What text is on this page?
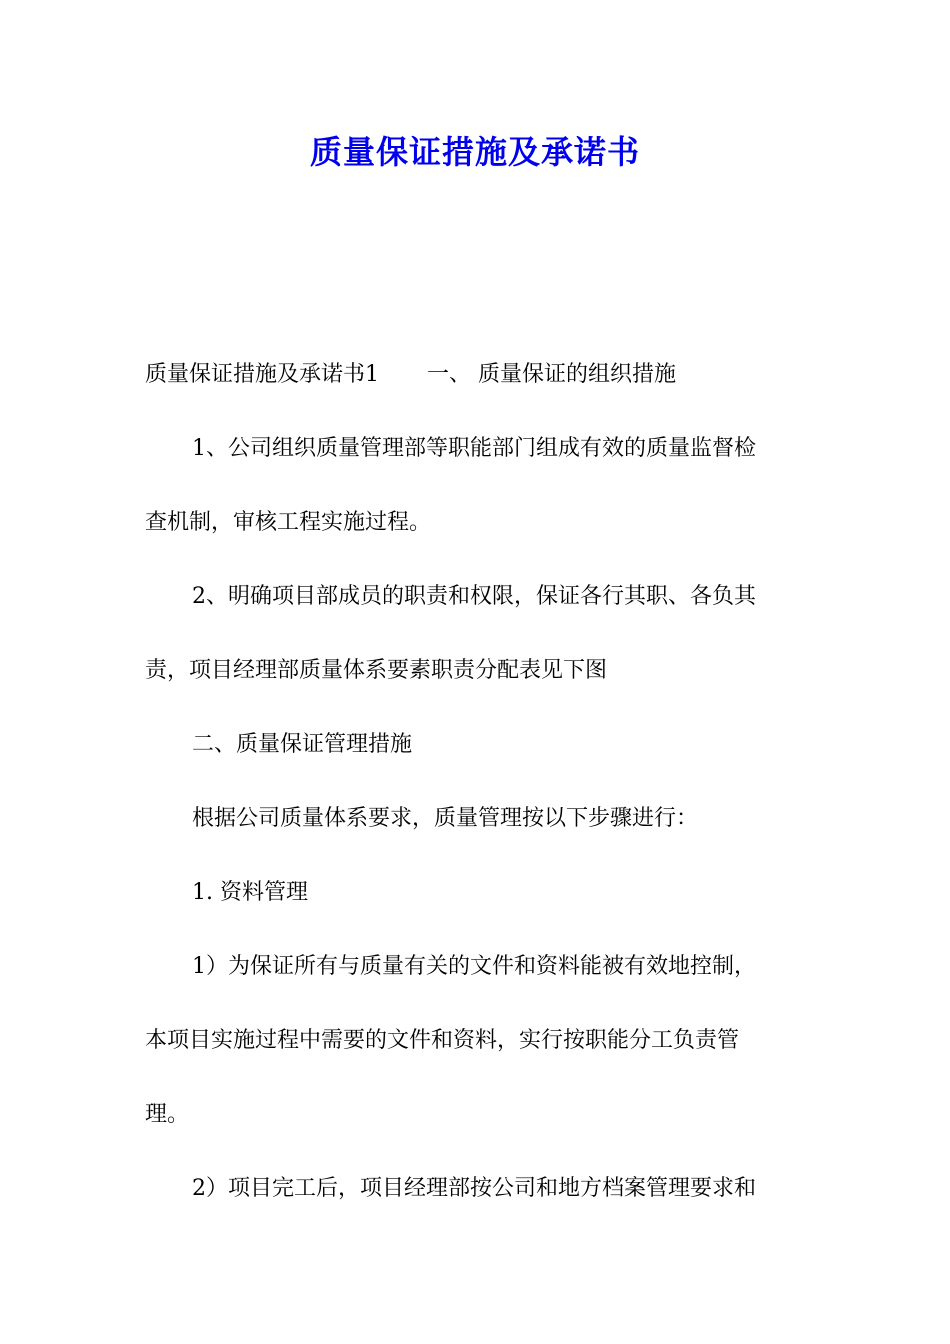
质量保证措施及承诺书
质量保证措施及承诺书1 一、 质量保证的组织措施
1、公司组织质量管理部等职能部门组成有效的质量监督检
查机制，审核工程实施过程。
2、明确项目部成员的职责和权限，保证各行其职、各负其
责，项目经理部质量体系要素职责分配表见下图
二、质量保证管理措施
根据公司质量体系要求，质量管理按以下步骤进行：
1. 资料管理
1）为保证所有与质量有关的文件和资料能被有效地控制，
本项目实施过程中需要的文件和资料，实行按职能分工负责管
理。
2）项目完工后，项目经理部按公司和地方档案管理要求和
